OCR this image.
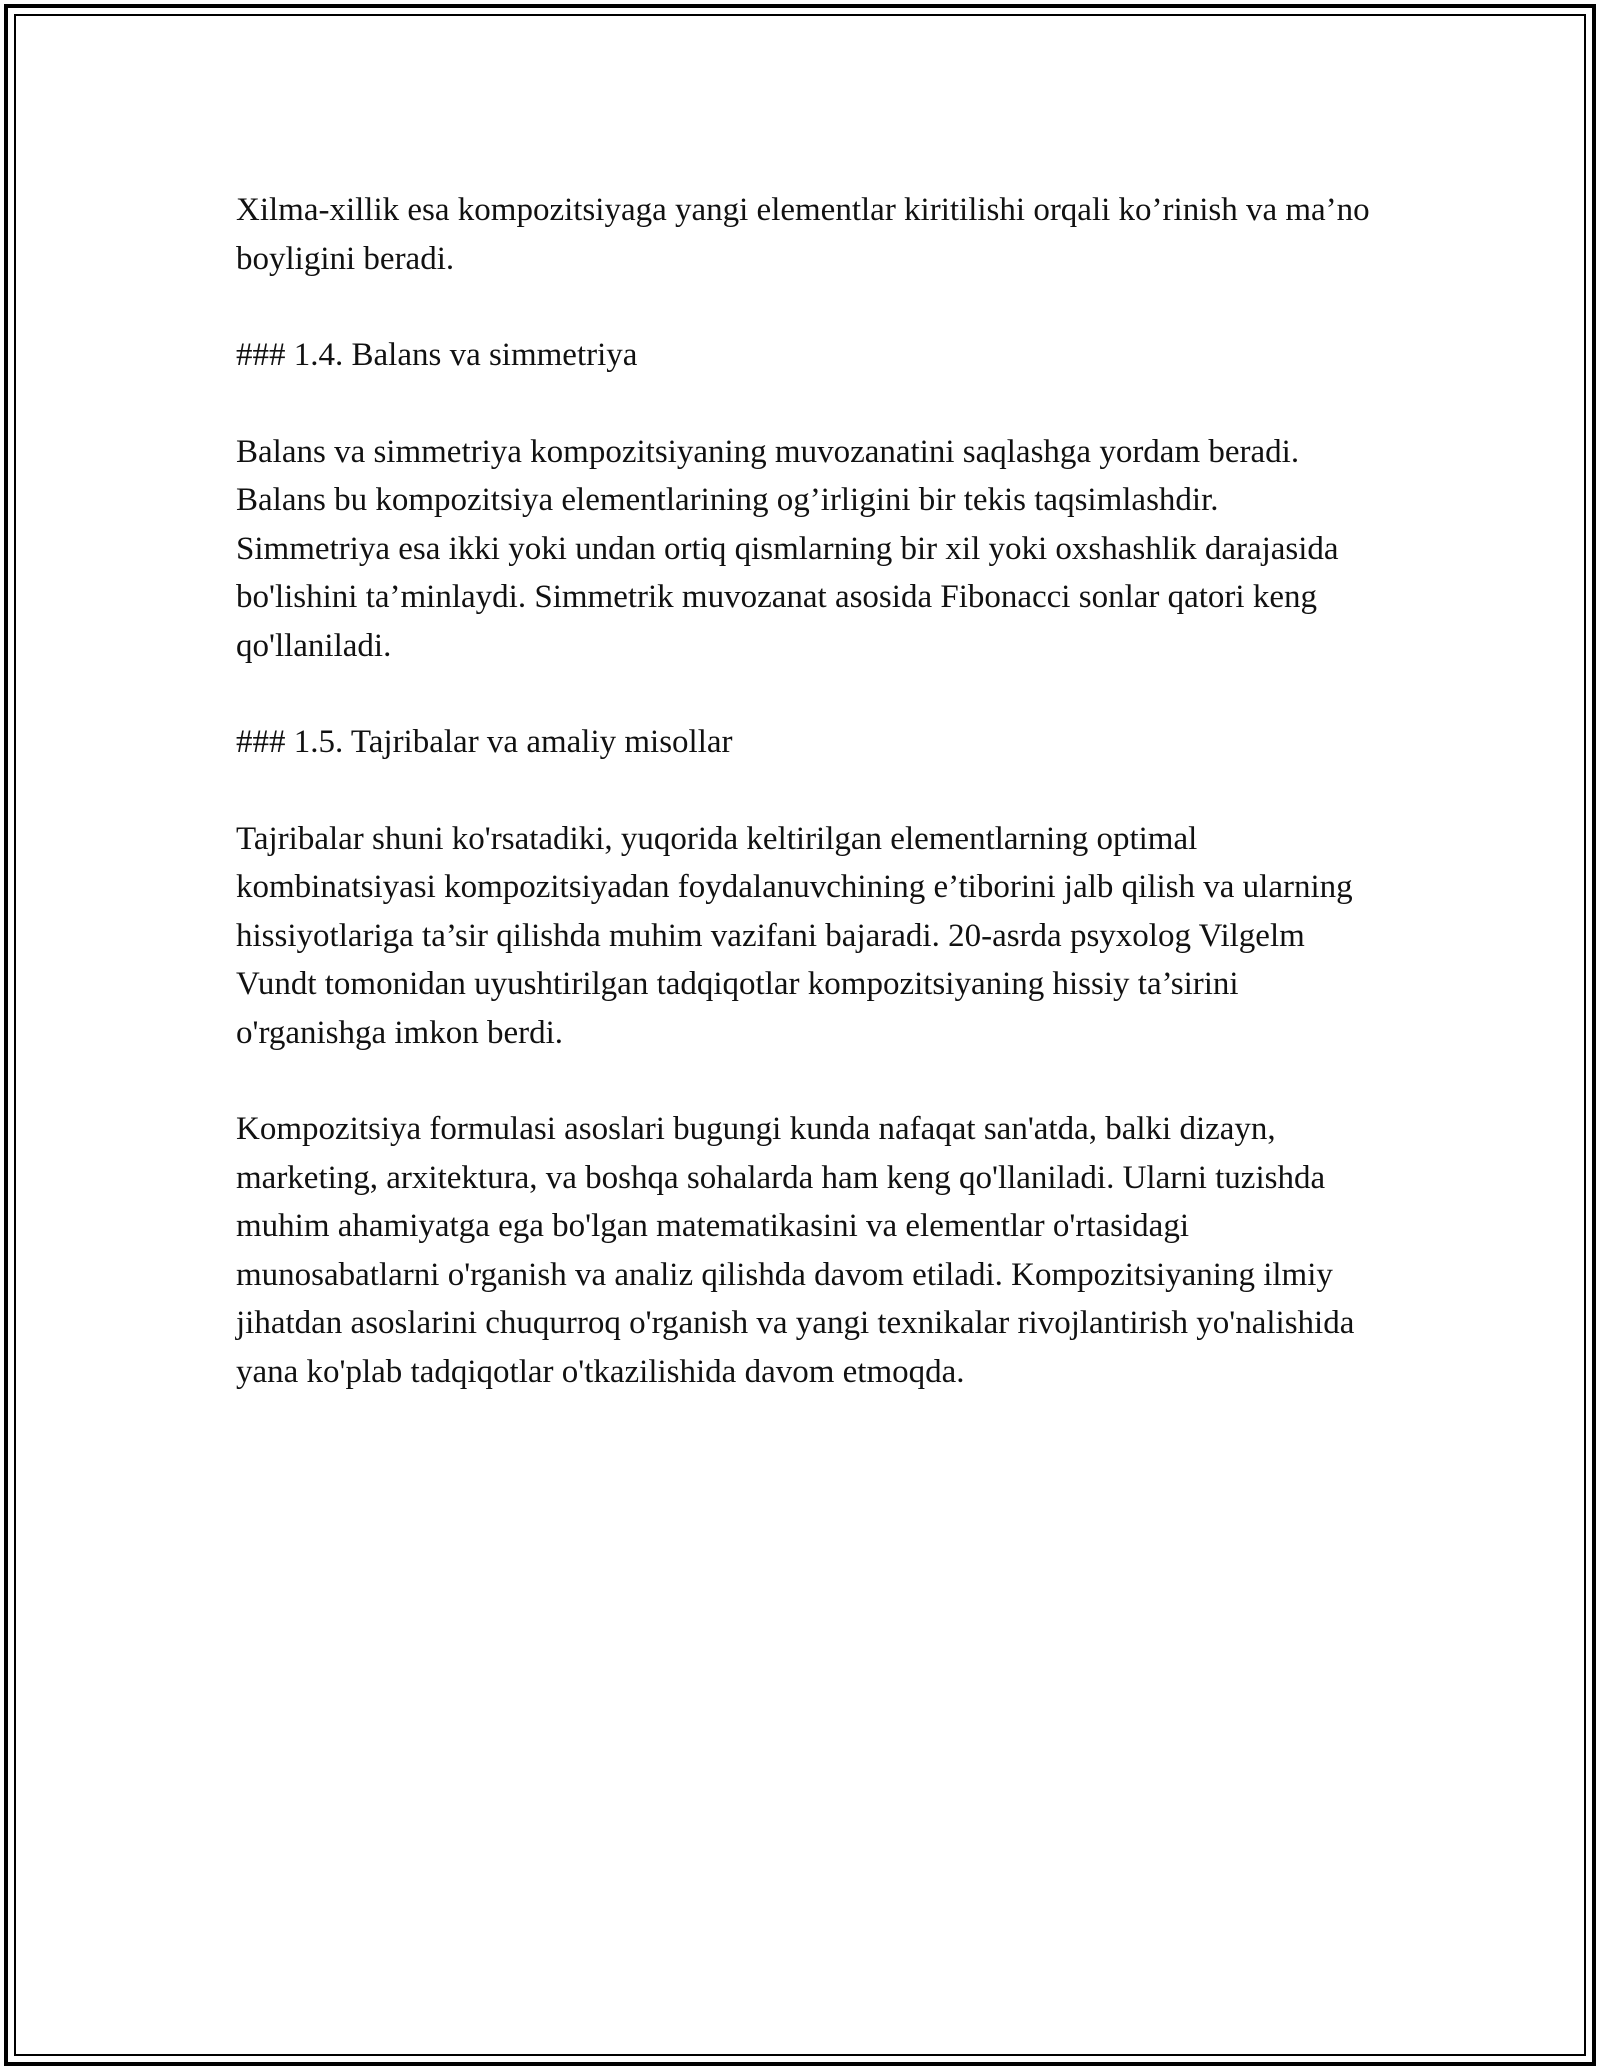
Xilma-xillik esa kompozitsiyaga yangi elementlar kiritilishi orqali ko’rinish va ma’no boyligini beradi.

### 1.4. Balans va simmetriya

Balans va simmetriya kompozitsiyaning muvozanatini saqlashga yordam beradi. Balans bu kompozitsiya elementlarining og’irligini bir tekis taqsimlashdir. Simmetriya esa ikki yoki undan ortiq qismlarning bir xil yoki oxshashlik darajasida bo'lishini ta’minlaydi. Simmetrik muvozanat asosida Fibonacci sonlar qatori keng qo'llaniladi.

### 1.5. Tajribalar va amaliy misollar

Tajribalar shuni ko'rsatadiki, yuqorida keltirilgan elementlarning optimal kombinatsiyasi kompozitsiyadan foydalanuvchining e’tiborini jalb qilish va ularning hissiyotlariga ta’sir qilishda muhim vazifani bajaradi. 20-asrda psyxolog Vilgelm Vundt tomonidan uyushtirilgan tadqiqotlar kompozitsiyaning hissiy ta’sirini o'rganishga imkon berdi.

Kompozitsiya formulasi asoslari bugungi kunda nafaqat san'atda, balki dizayn, marketing, arxitektura, va boshqa sohalarda ham keng qo'llaniladi. Ularni tuzishda muhim ahamiyatga ega bo'lgan matematikasini va elementlar o'rtasidagi munosabatlarni o'rganish va analiz qilishda davom etiladi. Kompozitsiyaning ilmiy jihatdan asoslarini chuqurroq o'rganish va yangi texnikalar rivojlantirish yo'nalishida yana ko'plab tadqiqotlar o'tkazilishida davom etmoqda.
